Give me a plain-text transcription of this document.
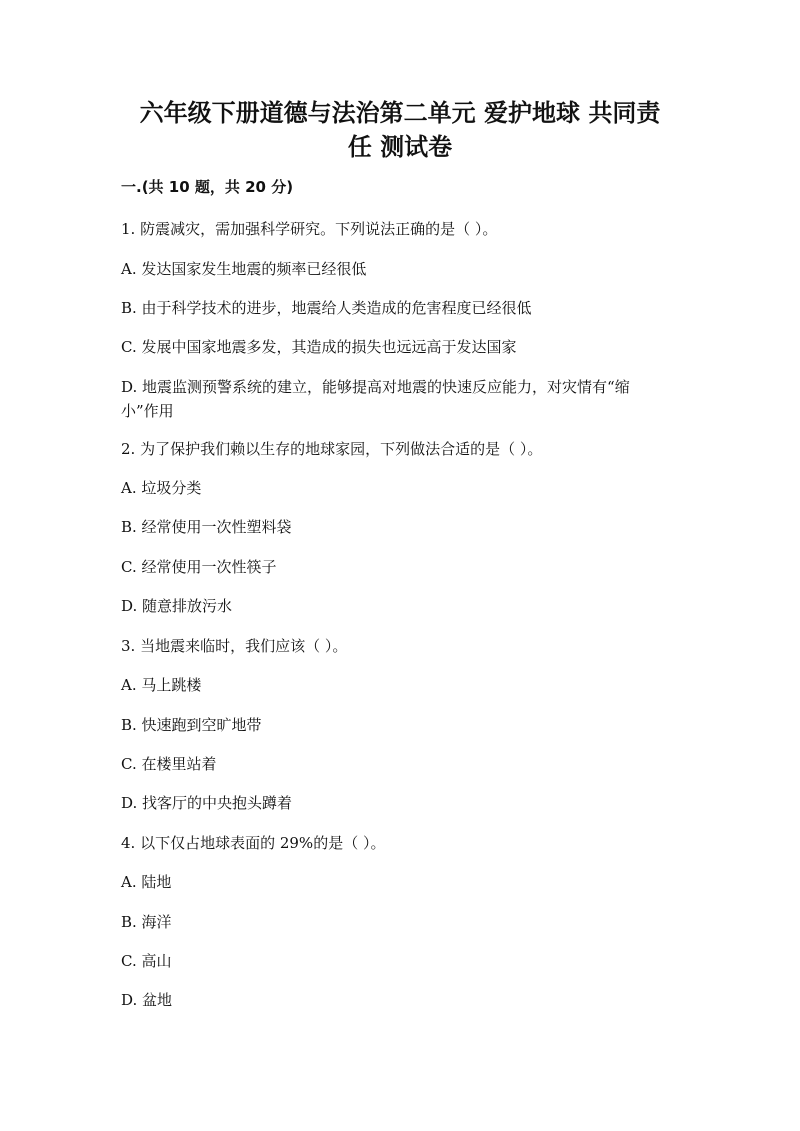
六年级下册道德与法治第二单元 爱护地球 共同责
任 测试卷

一.(共 10 题，共 20 分)

1. 防震减灾，需加强科学研究。下列说法正确的是（ ）。

A. 发达国家发生地震的频率已经很低

B. 由于科学技术的进步，地震给人类造成的危害程度已经很低

C. 发展中国家地震多发，其造成的损失也远远高于发达国家

D. 地震监测预警系统的建立，能够提高对地震的快速反应能力，对灾情有“缩

小”作用

2. 为了保护我们赖以生存的地球家园，下列做法合适的是（ ）。

A. 垃圾分类

B. 经常使用一次性塑料袋

C. 经常使用一次性筷子

D. 随意排放污水

3. 当地震来临时，我们应该（ ）。

A. 马上跳楼

B. 快速跑到空旷地带

C. 在楼里站着

D. 找客厅的中央抱头蹲着

4. 以下仅占地球表面的 29%的是（ ）。

A. 陆地

B. 海洋

C. 高山

D. 盆地
